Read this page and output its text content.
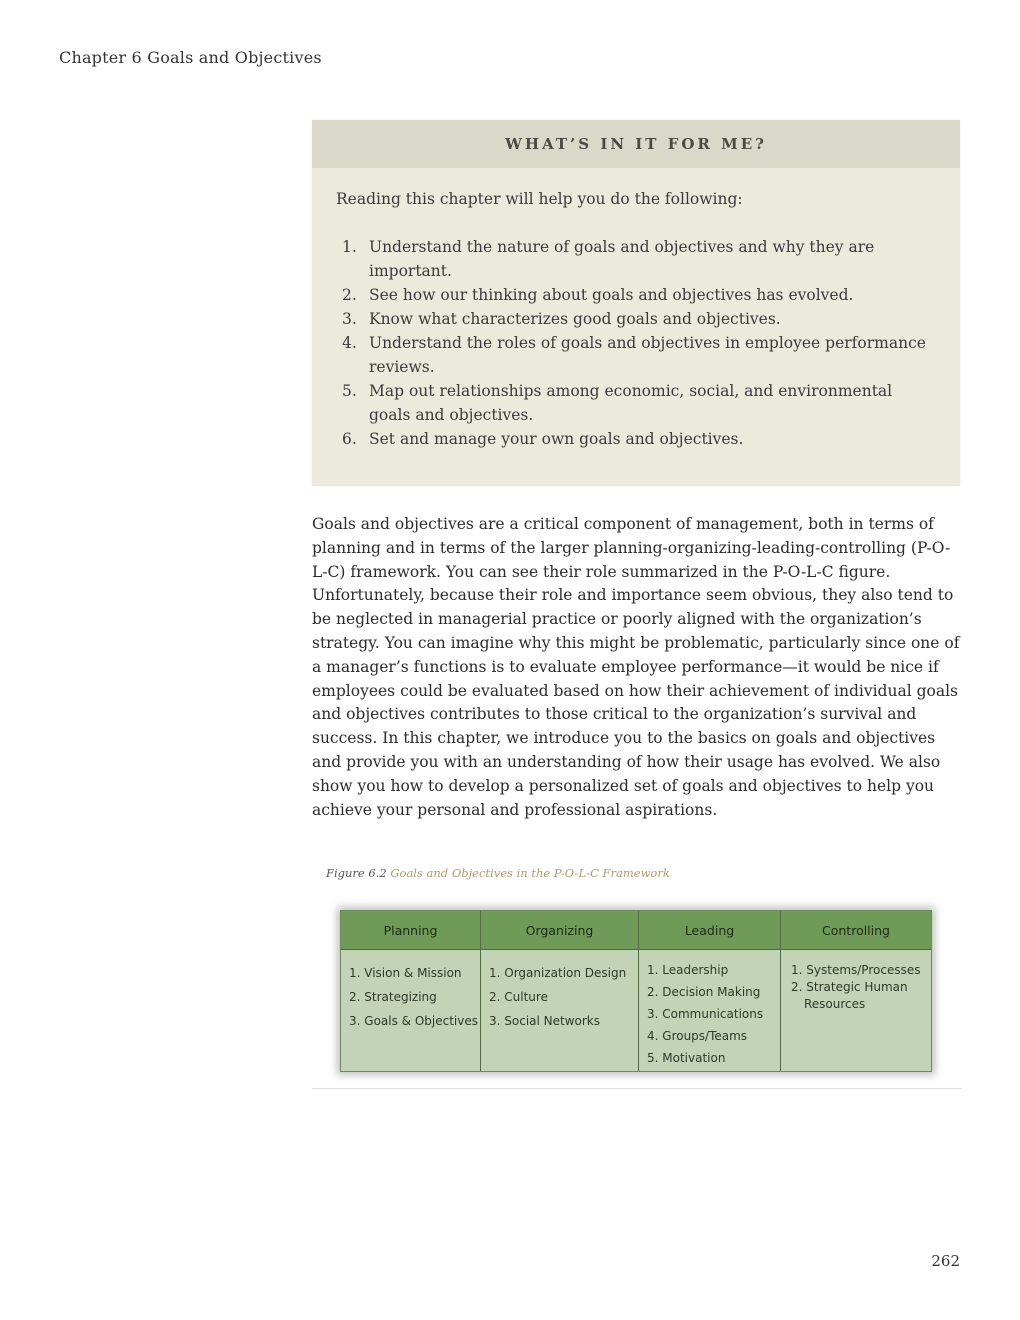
Chapter 6 Goals and Objectives
WHAT’S IN IT FOR ME?
Reading this chapter will help you do the following:
1. Understand the nature of goals and objectives and why they are important.
2. See how our thinking about goals and objectives has evolved.
3. Know what characterizes good goals and objectives.
4. Understand the roles of goals and objectives in employee performance reviews.
5. Map out relationships among economic, social, and environmental goals and objectives.
6. Set and manage your own goals and objectives.

Goals and objectives are a critical component of management, both in terms of planning and in terms of the larger planning-organizing-leading-controlling (P-O-L-C) framework. You can see their role summarized in the P-O-L-C figure. Unfortunately, because their role and importance seem obvious, they also tend to be neglected in managerial practice or poorly aligned with the organization’s strategy. You can imagine why this might be problematic, particularly since one of a manager’s functions is to evaluate employee performance—it would be nice if employees could be evaluated based on how their achievement of individual goals and objectives contributes to those critical to the organization’s survival and success. In this chapter, we introduce you to the basics on goals and objectives and provide you with an understanding of how their usage has evolved. We also show you how to develop a personalized set of goals and objectives to help you achieve your personal and professional aspirations.

Figure 6.2 Goals and Objectives in the P-O-L-C Framework
Planning
1. Vision & Mission
2. Strategizing
3. Goals & Objectives
Organizing
1. Organization Design
2. Culture
3. Social Networks
Leading
1. Leadership
2. Decision Making
3. Communications
4. Groups/Teams
5. Motivation
Controlling
1. Systems/Processes
2. Strategic Human Resources
262
